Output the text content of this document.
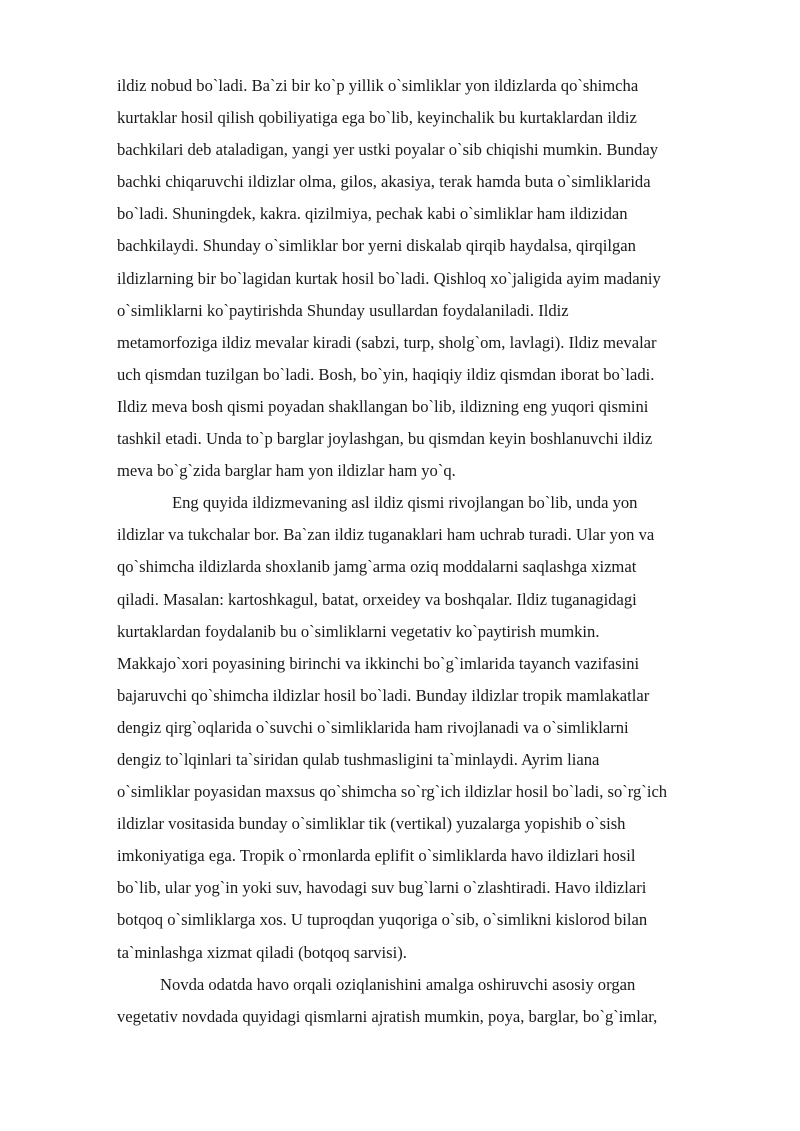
ildiz nobud bo`ladi. Ba`zi bir ko`p yillik o`simliklar yon ildizlarda qo`shimcha
kurtaklar hosil qilish qobiliyatiga ega bo`lib, keyinchalik bu kurtaklardan ildiz
bachkilari deb ataladigan, yangi yer ustki poyalar o`sib chiqishi mumkin. Bunday
bachki chiqaruvchi ildizlar olma, gilos, akasiya, terak hamda buta o`simliklarida
bo`ladi. Shuningdek, kakra. qizilmiya, pechak kabi o`simliklar ham ildizidan
bachkilaydi. Shunday o`simliklar bor yerni diskalab qirqib haydalsa, qirqilgan
ildizlarning bir bo`lagidan kurtak hosil bo`ladi. Qishloq xo`jaligida ayim madaniy
o`simliklarni ko`paytirishda Shunday usullardan foydalaniladi. Ildiz
metamorfoziga ildiz mevalar kiradi (sabzi, turp, sholg`om, lavlagi). Ildiz mevalar
uch qismdan tuzilgan bo`ladi. Bosh, bo`yin, haqiqiy ildiz qismdan iborat bo`ladi.
Ildiz meva bosh qismi poyadan shakllangan bo`lib, ildizning eng yuqori qismini
tashkil etadi. Unda to`p barglar joylashgan, bu qismdan keyin boshlanuvchi ildiz
meva bo`g`zida barglar ham yon ildizlar ham yo`q.
Eng quyida ildizmevaning asl ildiz qismi rivojlangan bo`lib, unda yon
ildizlar va tukchalar bor. Ba`zan ildiz tuganaklari ham uchrab turadi. Ular yon va
qo`shimcha ildizlarda shoxlanib jamg`arma oziq moddalarni saqlashga xizmat
qiladi. Masalan: kartoshkagul, batat, orxeidey va boshqalar. Ildiz tuganagidagi
kurtaklardan foydalanib bu o`simliklarni vegetativ ko`paytirish mumkin.
Makkajo`xori poyasining birinchi va ikkinchi bo`g`imlarida tayanch vazifasini
bajaruvchi qo`shimcha ildizlar hosil bo`ladi. Bunday ildizlar tropik mamlakatlar
dengiz qirg`oqlarida o`suvchi o`simliklarida ham rivojlanadi va o`simliklarni
dengiz to`lqinlari ta`siridan qulab tushmasligini ta`minlaydi. Ayrim liana
o`simliklar poyasidan maxsus qo`shimcha so`rg`ich ildizlar hosil bo`ladi, so`rg`ich
ildizlar vositasida bunday o`simliklar tik (vertikal) yuzalarga yopishib o`sish
imkoniyatiga ega. Tropik o`rmonlarda eplifit o`simliklarda havo ildizlari hosil
bo`lib, ular yog`in yoki suv, havodagi suv bug`larni o`zlashtiradi. Havo ildizlari
botqoq o`simliklarga xos. U tuproqdan yuqoriga o`sib, o`simlikni kislorod bilan
ta`minlashga xizmat qiladi (botqoq sarvisi).
Novda odatda havo orqali oziqlanishini amalga oshiruvchi asosiy organ
vegetativ novdada quyidagi qismlarni ajratish mumkin, poya, barglar, bo`g`imlar,
